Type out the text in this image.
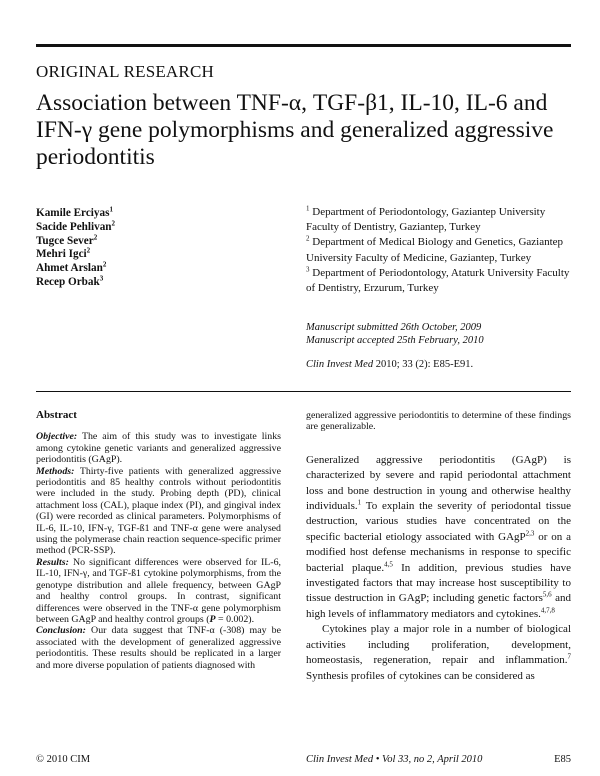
ORIGINAL RESEARCH
Association between TNF-α, TGF-β1, IL-10, IL-6 and IFN-γ gene polymorphisms and generalized aggressive periodontitis
Kamile Erciyas$^1$
Sacide Pehlivan$^2$
Tugce Sever$^2$
Mehri Igci$^2$
Ahmet Arslan$^2$
Recep Orbak$^3$
$^1$ Department of Periodontology, Gaziantep University Faculty of Dentistry, Gaziantep, Turkey
$^2$ Department of Medical Biology and Genetics, Gaziantep University Faculty of Medicine, Gaziantep, Turkey
$^3$ Department of Periodontology, Ataturk University Faculty of Dentistry, Erzurum, Turkey
Manuscript submitted 26th October, 2009
Manuscript accepted 25th February, 2010
Clin Invest Med 2010; 33 (2): E85-E91.
Abstract

Objective: The aim of this study was to investigate links among cytokine genetic variants and generalized aggressive periodontitis (GAgP).

Methods: Thirty-five patients with generalized aggressive periodontitis and 85 healthy controls without periodontitis were included in the study. Probing depth (PD), clinical attachment loss (CAL), plaque index (PI), and gingival index (GI) were recorded as clinical parameters. Polymorphisms of IL-6, IL-10, IFN-γ, TGF-ß1 and TNF-α gene were analysed using the polymerase chain reaction sequence-specific primer method (PCR-SSP).

Results: No significant differences were observed for IL-6, IL-10, IFN-γ, and TGF-ß1 cytokine polymorphisms, from the genotype distribution and allele frequency, between GAgP and healthy control groups. In contrast, significant differences were observed in the TNF-α gene polymorphism between GAgP and healthy control groups (P = 0.002).

Conclusion: Our data suggest that TNF-α (-308) may be associated with the development of generalized aggressive periodontitis. These results should be replicated in a larger and more diverse population of patients diagnosed with

generalized aggressive periodontitis to determine of these findings are generalizable.

Generalized aggressive periodontitis (GAgP) is characterized by severe and rapid periodontal attachment loss and bone destruction in young and otherwise healthy individuals.$^1$ To explain the severity of periodontal tissue destruction, various studies have concentrated on the specific bacterial etiology associated with GAgP$^{2,3}$ or on a modified host defense mechanisms in response to specific bacterial plaque.$^{4,5}$ In addition, previous studies have investigated factors that may increase host susceptibility to tissue destruction in GAgP; including genetic factors$^{5,6}$ and high levels of inflammatory mediators and cytokines.$^{4,7,8}$

Cytokines play a major role in a number of biological activities including proliferation, development, homeostasis, regeneration, repair and inflammation.$^7$ Synthesis profiles of cytokines can be considered as

© 2010 CIM	Clin Invest Med • Vol 33, no 2, April 2010	E85
